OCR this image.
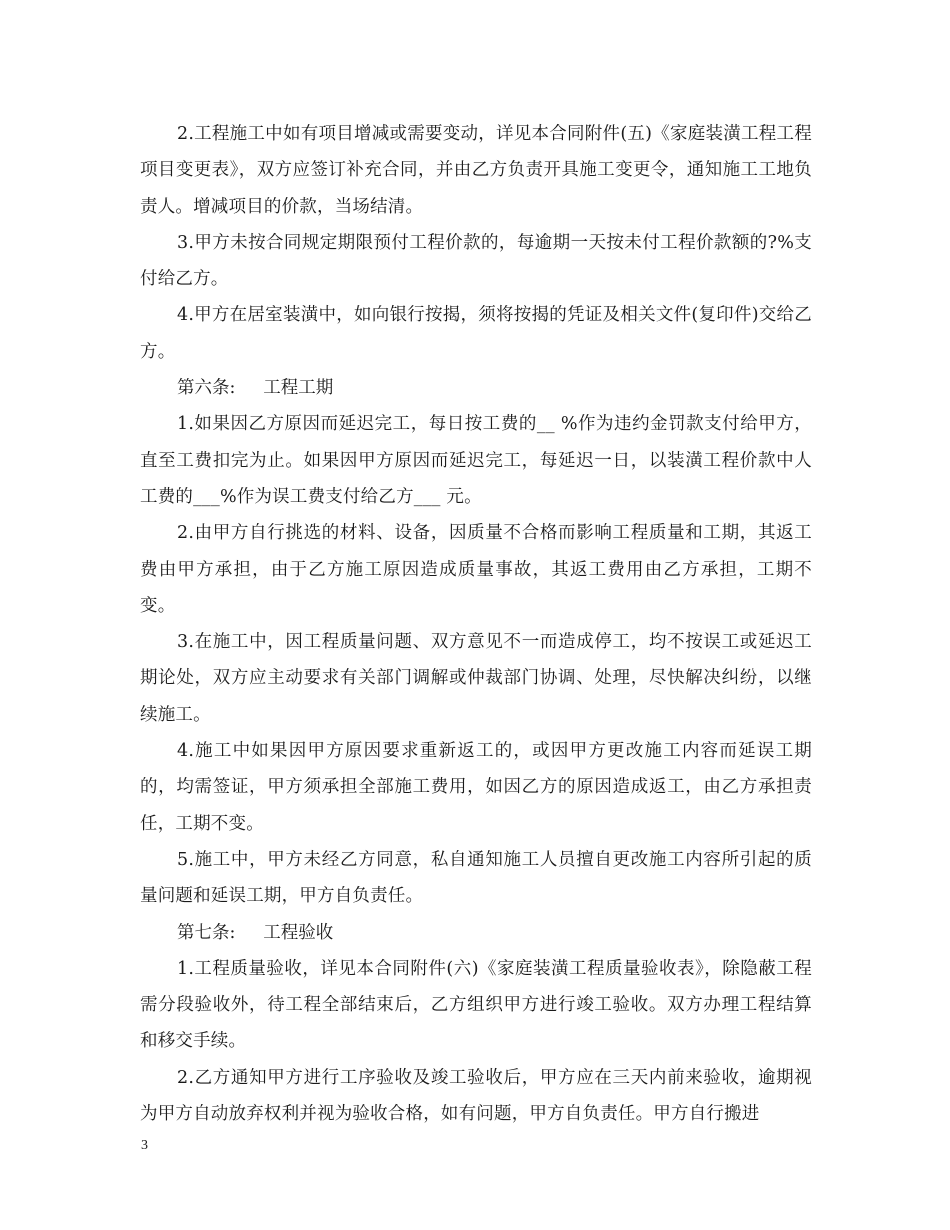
2.工程施工中如有项目增减或需要变动，详见本合同附件(五)《家庭装潢工程工程项目变更表》，双方应签订补充合同，并由乙方负责开具施工变更令，通知施工工地负责人。增减项目的价款，当场结清。

3.甲方未按合同规定期限预付工程价款的，每逾期一天按未付工程价款额的?%支付给乙方。

4.甲方在居室装潢中，如向银行按揭，须将按揭的凭证及相关文件(复印件)交给乙方。

第六条:     工程工期

1.如果因乙方原因而延迟完工，每日按工费的__ %作为违约金罚款支付给甲方，直至工费扣完为止。如果因甲方原因而延迟完工，每延迟一日，以装潢工程价款中人工费的___%作为误工费支付给乙方___ 元。

2.由甲方自行挑选的材料、设备，因质量不合格而影响工程质量和工期，其返工费由甲方承担，由于乙方施工原因造成质量事故，其返工费用由乙方承担，工期不变。

3.在施工中，因工程质量问题、双方意见不一而造成停工，均不按误工或延迟工期论处，双方应主动要求有关部门调解或仲裁部门协调、处理，尽快解决纠纷，以继续施工。

4.施工中如果因甲方原因要求重新返工的，或因甲方更改施工内容而延误工期的，均需签证，甲方须承担全部施工费用，如因乙方的原因造成返工，由乙方承担责任，工期不变。

5.施工中，甲方未经乙方同意，私自通知施工人员擅自更改施工内容所引起的质量问题和延误工期，甲方自负责任。

第七条:     工程验收

1.工程质量验收，详见本合同附件(六)《家庭装潢工程质量验收表》，除隐蔽工程需分段验收外，待工程全部结束后，乙方组织甲方进行竣工验收。双方办理工程结算和移交手续。

2.乙方通知甲方进行工序验收及竣工验收后，甲方应在三天内前来验收，逾期视为甲方自动放弃权利并视为验收合格，如有问题，甲方自负责任。甲方自行搬进

3
